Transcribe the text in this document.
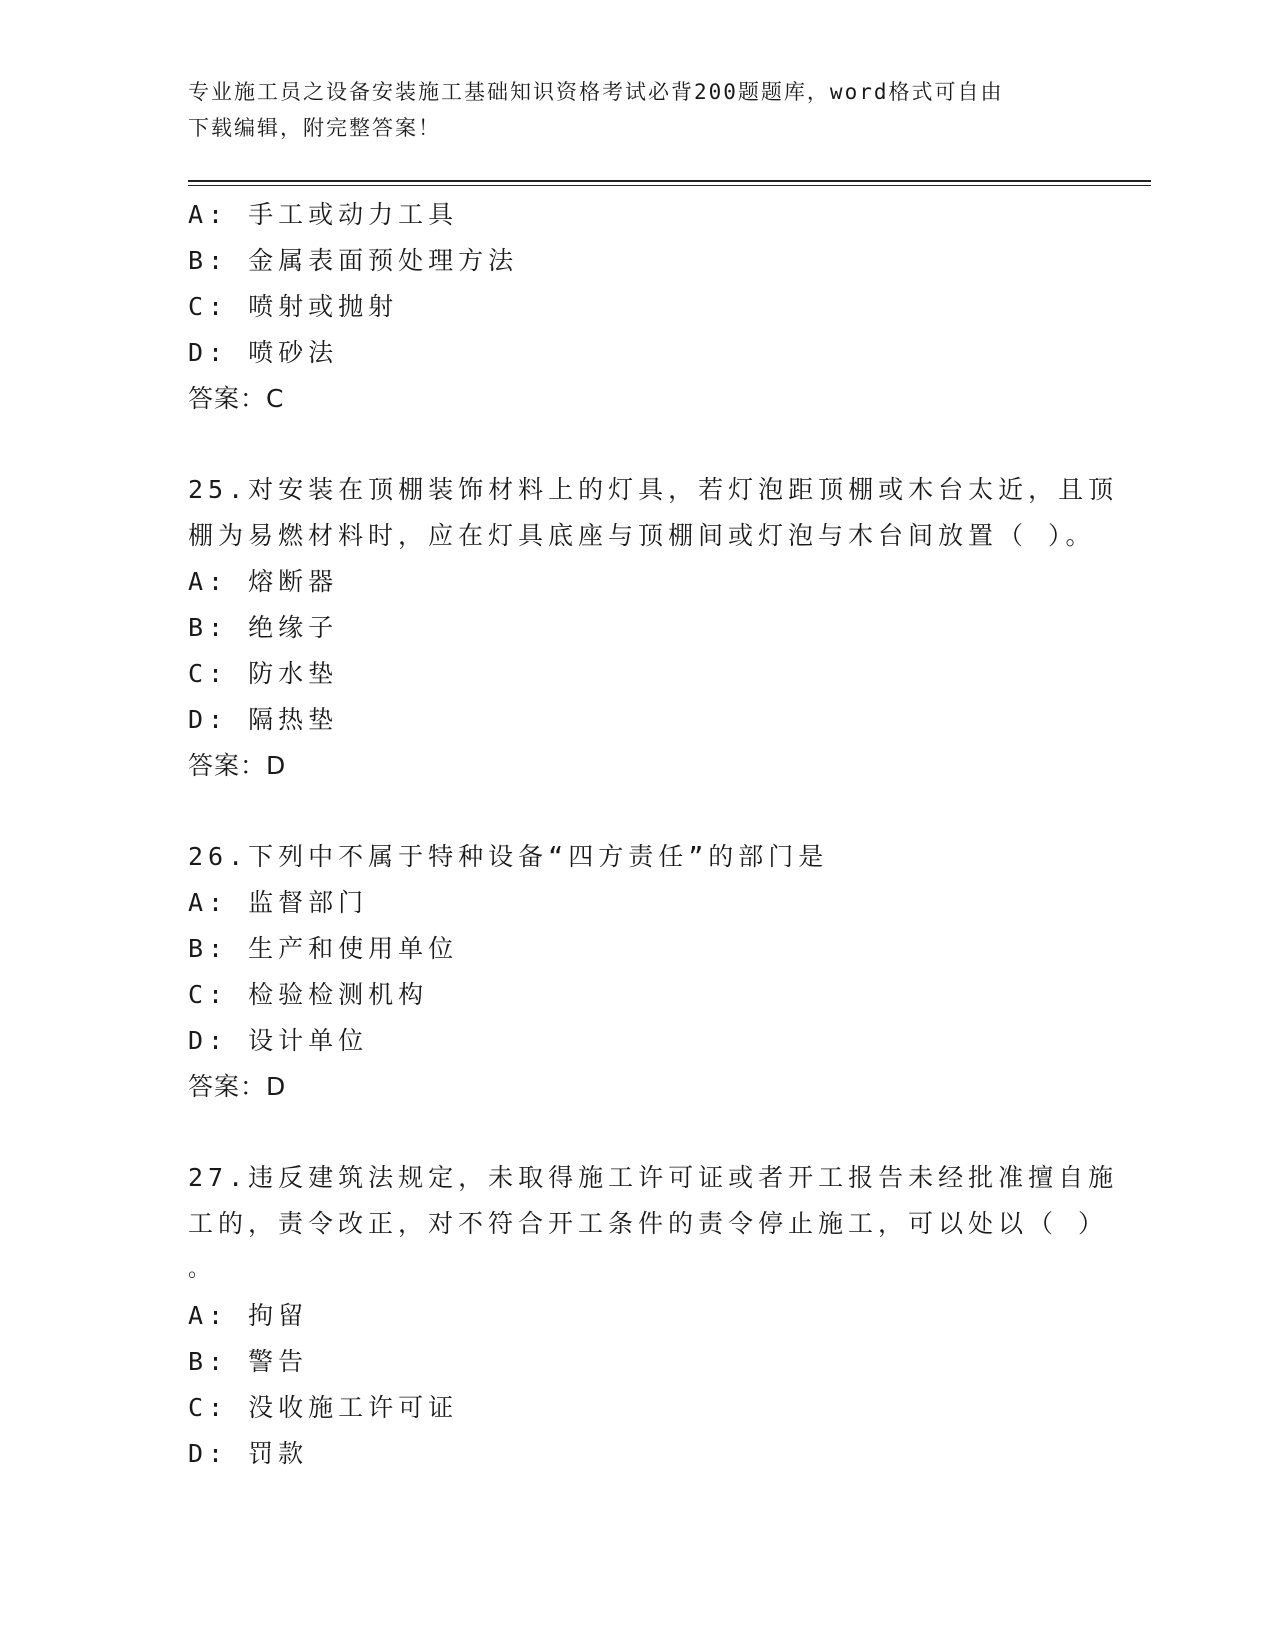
专业施工员之设备安装施工基础知识资格考试必背200题题库，word格式可自由
下载编辑，附完整答案！
A: 手工或动力工具
B: 金属表面预处理方法
C: 喷射或抛射
D: 喷砂法
答案：C
25.对安装在顶棚装饰材料上的灯具，若灯泡距顶棚或木台太近，且顶
棚为易燃材料时，应在灯具底座与顶棚间或灯泡与木台间放置（ ）。
A: 熔断器
B: 绝缘子
C: 防水垫
D: 隔热垫
答案：D
26.下列中不属于特种设备“四方责任”的部门是
A: 监督部门
B: 生产和使用单位
C: 检验检测机构
D: 设计单位
答案：D
27.违反建筑法规定，未取得施工许可证或者开工报告未经批准擅自施
工的，责令改正，对不符合开工条件的责令停止施工，可以处以（ ）
。
A: 拘留
B: 警告
C: 没收施工许可证
D: 罚款
